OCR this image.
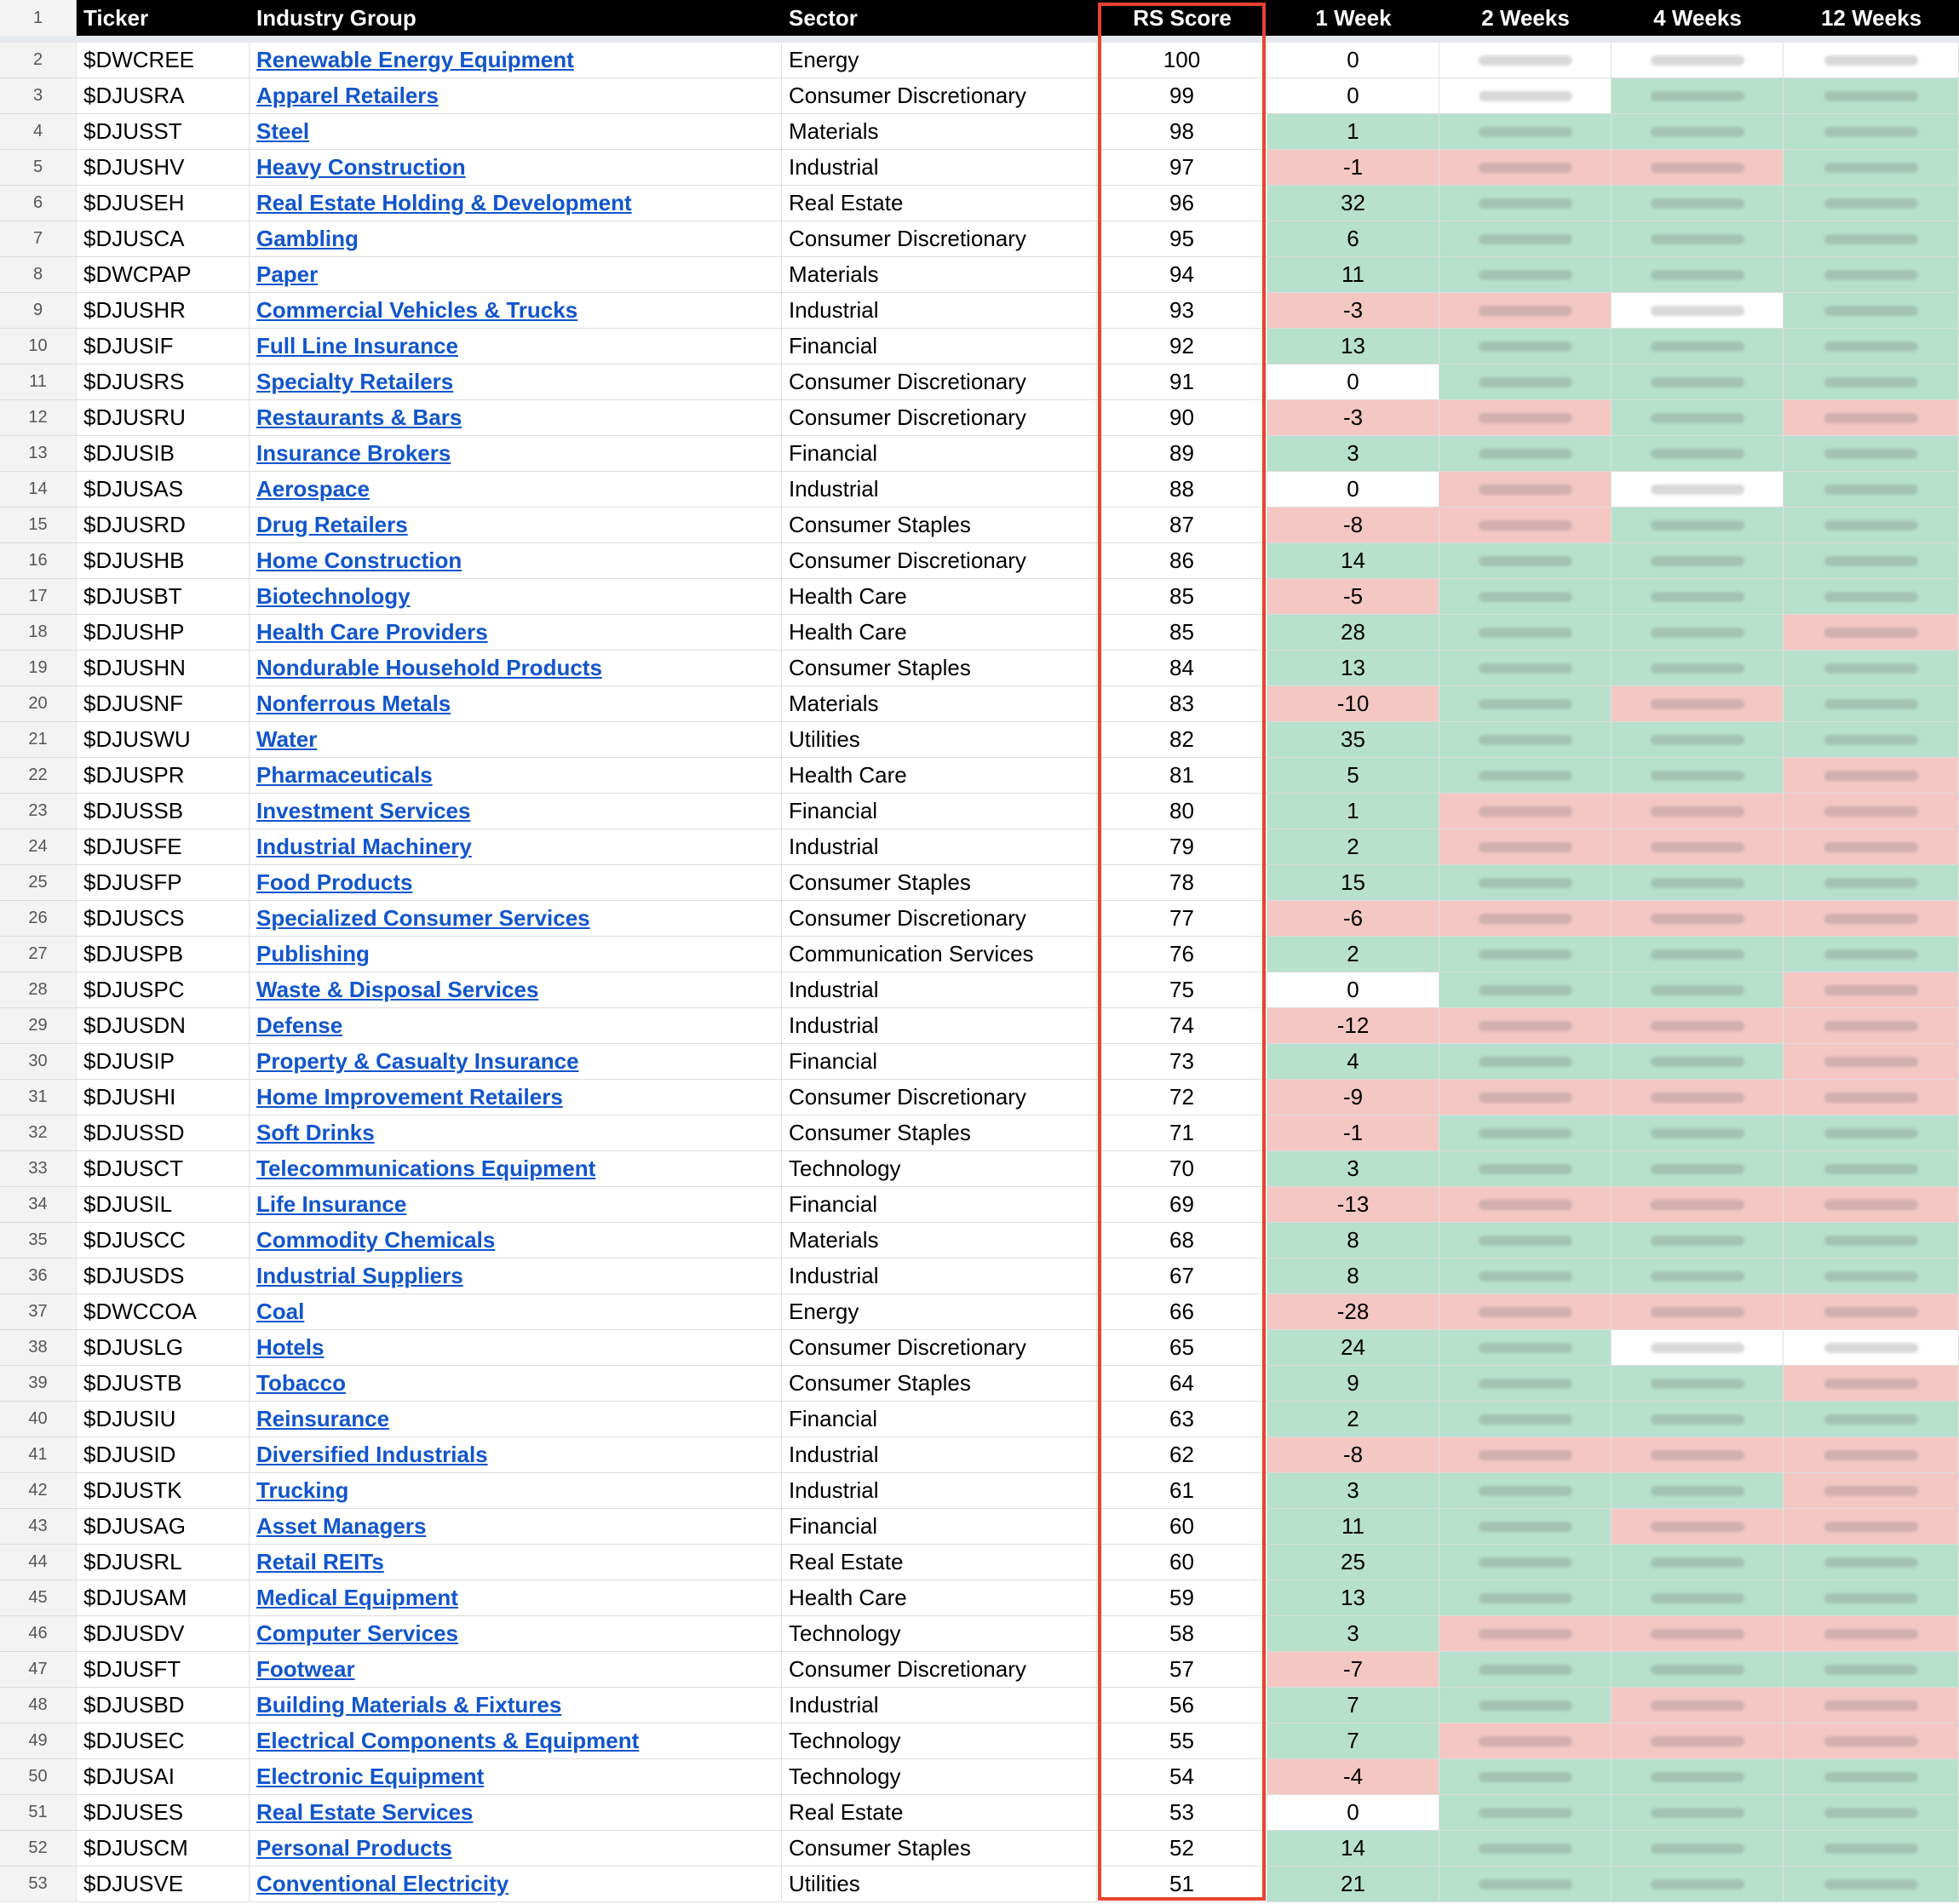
1	Ticker	Industry Group	Sector	RS Score	1 Week	2 Weeks	4 Weeks	12 Weeks
2	$DWCREE	Renewable Energy Equipment	Energy	100	0
3	$DJUSRA	Apparel Retailers	Consumer Discretionary	99	0
4	$DJUSST	Steel	Materials	98	1
5	$DJUSHV	Heavy Construction	Industrial	97	-1
6	$DJUSEH	Real Estate Holding & Development	Real Estate	96	32
7	$DJUSCA	Gambling	Consumer Discretionary	95	6
8	$DWCPAP	Paper	Materials	94	11
9	$DJUSHR	Commercial Vehicles & Trucks	Industrial	93	-3
10	$DJUSIF	Full Line Insurance	Financial	92	13
11	$DJUSRS	Specialty Retailers	Consumer Discretionary	91	0
12	$DJUSRU	Restaurants & Bars	Consumer Discretionary	90	-3
13	$DJUSIB	Insurance Brokers	Financial	89	3
14	$DJUSAS	Aerospace	Industrial	88	0
15	$DJUSRD	Drug Retailers	Consumer Staples	87	-8
16	$DJUSHB	Home Construction	Consumer Discretionary	86	14
17	$DJUSBT	Biotechnology	Health Care	85	-5
18	$DJUSHP	Health Care Providers	Health Care	85	28
19	$DJUSHN	Nondurable Household Products	Consumer Staples	84	13
20	$DJUSNF	Nonferrous Metals	Materials	83	-10
21	$DJUSWU	Water	Utilities	82	35
22	$DJUSPR	Pharmaceuticals	Health Care	81	5
23	$DJUSSB	Investment Services	Financial	80	1
24	$DJUSFE	Industrial Machinery	Industrial	79	2
25	$DJUSFP	Food Products	Consumer Staples	78	15
26	$DJUSCS	Specialized Consumer Services	Consumer Discretionary	77	-6
27	$DJUSPB	Publishing	Communication Services	76	2
28	$DJUSPC	Waste & Disposal Services	Industrial	75	0
29	$DJUSDN	Defense	Industrial	74	-12
30	$DJUSIP	Property & Casualty Insurance	Financial	73	4
31	$DJUSHI	Home Improvement Retailers	Consumer Discretionary	72	-9
32	$DJUSSD	Soft Drinks	Consumer Staples	71	-1
33	$DJUSCT	Telecommunications Equipment	Technology	70	3
34	$DJUSIL	Life Insurance	Financial	69	-13
35	$DJUSCC	Commodity Chemicals	Materials	68	8
36	$DJUSDS	Industrial Suppliers	Industrial	67	8
37	$DWCCOA	Coal	Energy	66	-28
38	$DJUSLG	Hotels	Consumer Discretionary	65	24
39	$DJUSTB	Tobacco	Consumer Staples	64	9
40	$DJUSIU	Reinsurance	Financial	63	2
41	$DJUSID	Diversified Industrials	Industrial	62	-8
42	$DJUSTK	Trucking	Industrial	61	3
43	$DJUSAG	Asset Managers	Financial	60	11
44	$DJUSRL	Retail REITs	Real Estate	60	25
45	$DJUSAM	Medical Equipment	Health Care	59	13
46	$DJUSDV	Computer Services	Technology	58	3
47	$DJUSFT	Footwear	Consumer Discretionary	57	-7
48	$DJUSBD	Building Materials & Fixtures	Industrial	56	7
49	$DJUSEC	Electrical Components & Equipment	Technology	55	7
50	$DJUSAI	Electronic Equipment	Technology	54	-4
51	$DJUSES	Real Estate Services	Real Estate	53	0
52	$DJUSCM	Personal Products	Consumer Staples	52	14
53	$DJUSVE	Conventional Electricity	Utilities	51	21
